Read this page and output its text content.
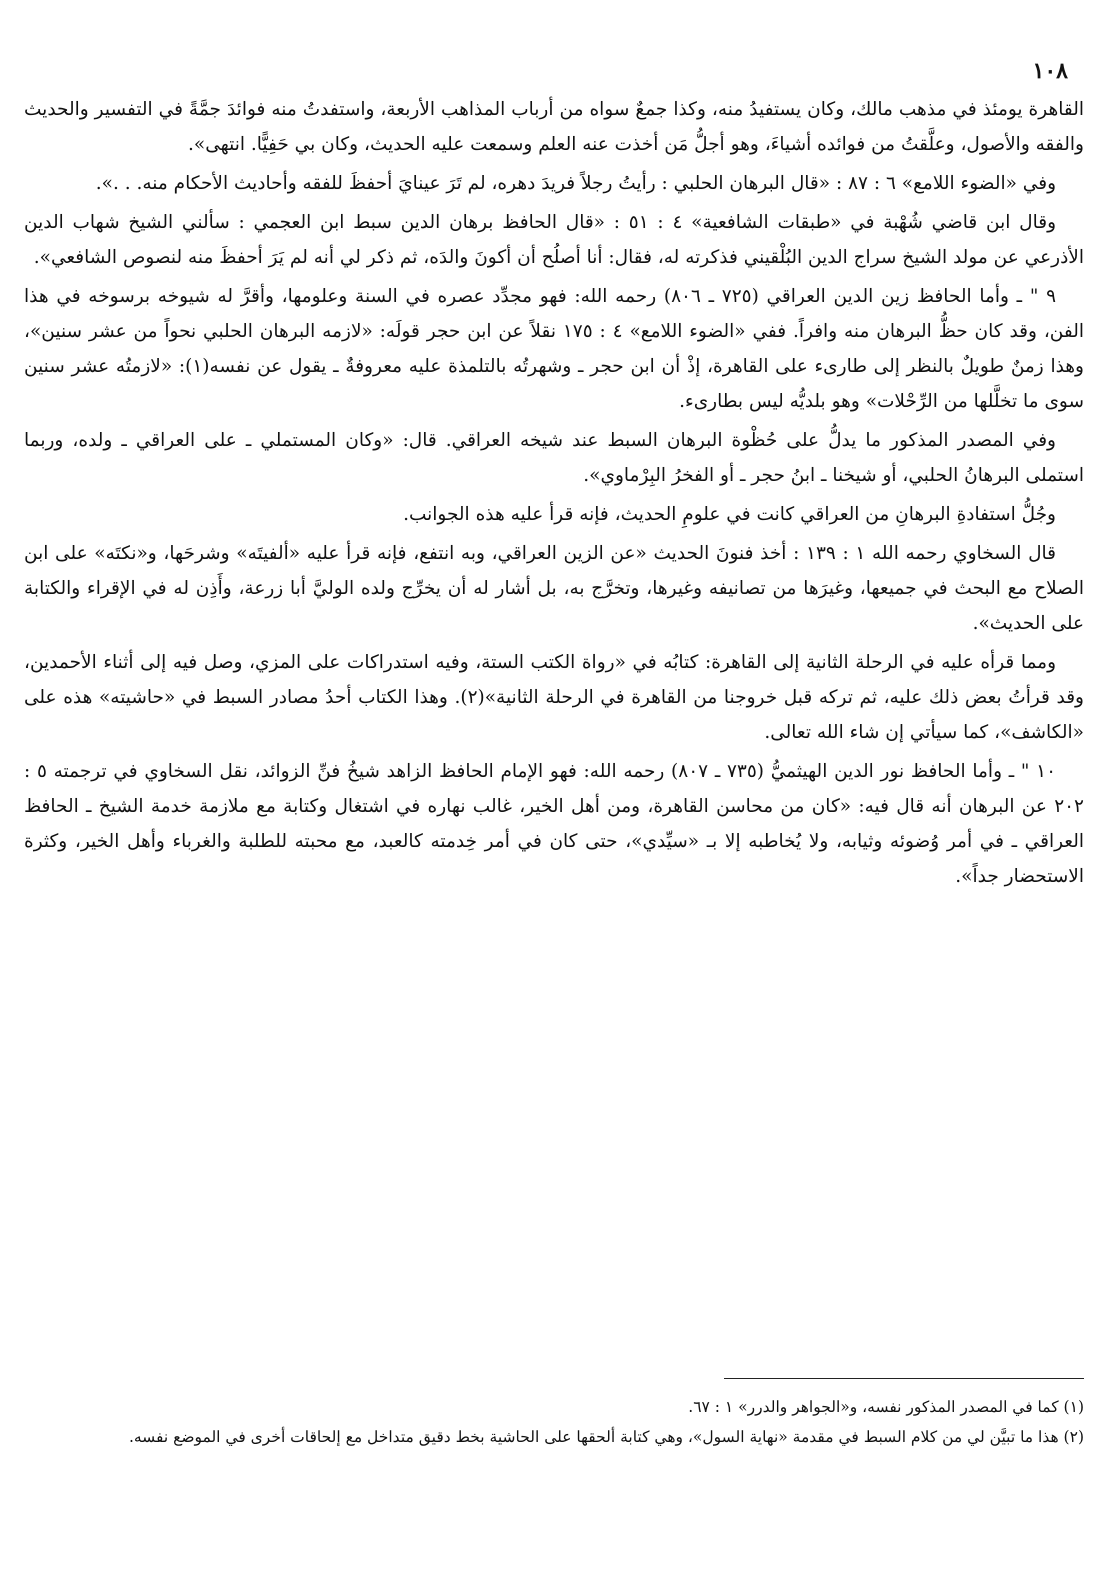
١٠٨

القاهرة يومئذ في مذهب مالك، وكان يستفيدُ منه، وكذا جمعٌ سواه من أرباب المذاهب الأربعة، واستفدتُ منه فوائدَ جمَّةً في التفسير والحديث والفقه والأصول، وعلَّقتُ من فوائده أشياءَ، وهو أجلُّ مَن أخذت عنه العلم وسمعت عليه الحديث، وكان بي حَفِيًّا. انتهى».

وفي «الضوء اللامع» ٦ : ٨٧ : «قال البرهان الحلبي : رأيتُ رجلاً فريدَ دهره، لم تَرَ عينايَ أحفظَ للفقه وأحاديث الأحكام منه. . .».

وقال ابن قاضي شُهْبة في «طبقات الشافعية» ٤ : ٥١ : «قال الحافظ برهان الدين سبط ابن العجمي : سألني الشيخ شهاب الدين الأذرعي عن مولد الشيخ سراج الدين البُلْقيني فذكرته له، فقال: أنا أصلُح أن أكونَ والدَه، ثم ذكر لي أنه لم يَرَ أحفظَ منه لنصوص الشافعي».

٩ " ـ وأما الحافظ زين الدين العراقي (٧٢٥ ـ ٨٠٦) رحمه الله: فهو مجدِّد عصره في السنة وعلومها، وأقرَّ له شيوخه برسوخه في هذا الفن، وقد كان حظُّ البرهان منه وافراً. ففي «الضوء اللامع» ٤ : ١٧٥ نقلاً عن ابن حجر قولَه: «لازمه البرهان الحلبي نحواً من عشر سنين»، وهذا زمنٌ طويلٌ بالنظر إلى طارىء على القاهرة، إذْ أن ابن حجر ـ وشهرتُه بالتلمذة عليه معروفةٌ ـ يقول عن نفسه(١): «لازمتُه عشر سنين سوى ما تخلَّلها من الرِّحْلات» وهو بلديُّه ليس بطارىء.

وفي المصدر المذكور ما يدلُّ على حُظْوة البرهان السبط عند شيخه العراقي. قال: «وكان المستملي ـ على العراقي ـ ولده، وربما استملى البرهانُ الحلبي، أو شيخنا ـ ابنُ حجر ـ أو الفخرُ البِرْماوي».

وجُلُّ استفادةِ البرهانِ من العراقي كانت في علومِ الحديث، فإنه قرأ عليه هذه الجوانب.

قال السخاوي رحمه الله ١ : ١٣٩ : أخذ فنونَ الحديث «عن الزين العراقي، وبه انتفع، فإنه قرأ عليه «ألفيتَه» وشرحَها، و«نكتَه» على ابن الصلاح مع البحث في جميعها، وغيرَها من تصانيفه وغيرها، وتخرَّج به، بل أشار له أن يخرِّج ولده الوليَّ أبا زرعة، وأَذِن له في الإقراء والكتابة على الحديث».

ومما قرأه عليه في الرحلة الثانية إلى القاهرة: كتابُه في «رواة الكتب الستة، وفيه استدراكات على المزي، وصل فيه إلى أثناء الأحمدين، وقد قرأتُ بعض ذلك عليه، ثم تركه قبل خروجنا من القاهرة في الرحلة الثانية»(٢). وهذا الكتاب أحدُ مصادر السبط في «حاشيته» هذه على «الكاشف»، كما سيأتي إن شاء الله تعالى.

١٠ " ـ وأما الحافظ نور الدين الهيثميُّ (٧٣٥ ـ ٨٠٧) رحمه الله: فهو الإمام الحافظ الزاهد شيخُ فنِّ الزوائد، نقل السخاوي في ترجمته ٥ : ٢٠٢ عن البرهان أنه قال فيه: «كان من محاسن القاهرة، ومن أهل الخير، غالب نهاره في اشتغال وكتابة مع ملازمة خدمة الشيخ ـ الحافظ العراقي ـ في أمر وُضوئه وثيابه، ولا يُخاطبه إلا بـ «سيِّدي»، حتى كان في أمر خِدمته كالعبد، مع محبته للطلبة والغرباء وأهل الخير، وكثرة الاستحضار جداً».

(١) كما في المصدر المذكور نفسه، و«الجواهر والدرر» ١ : ٦٧.

(٢) هذا ما تبيَّن لي من كلام السبط في مقدمة «نهاية السول»، وهي كتابة ألحقها على الحاشية بخط دقيق متداخل مع إلحاقات أخرى في الموضع نفسه.
